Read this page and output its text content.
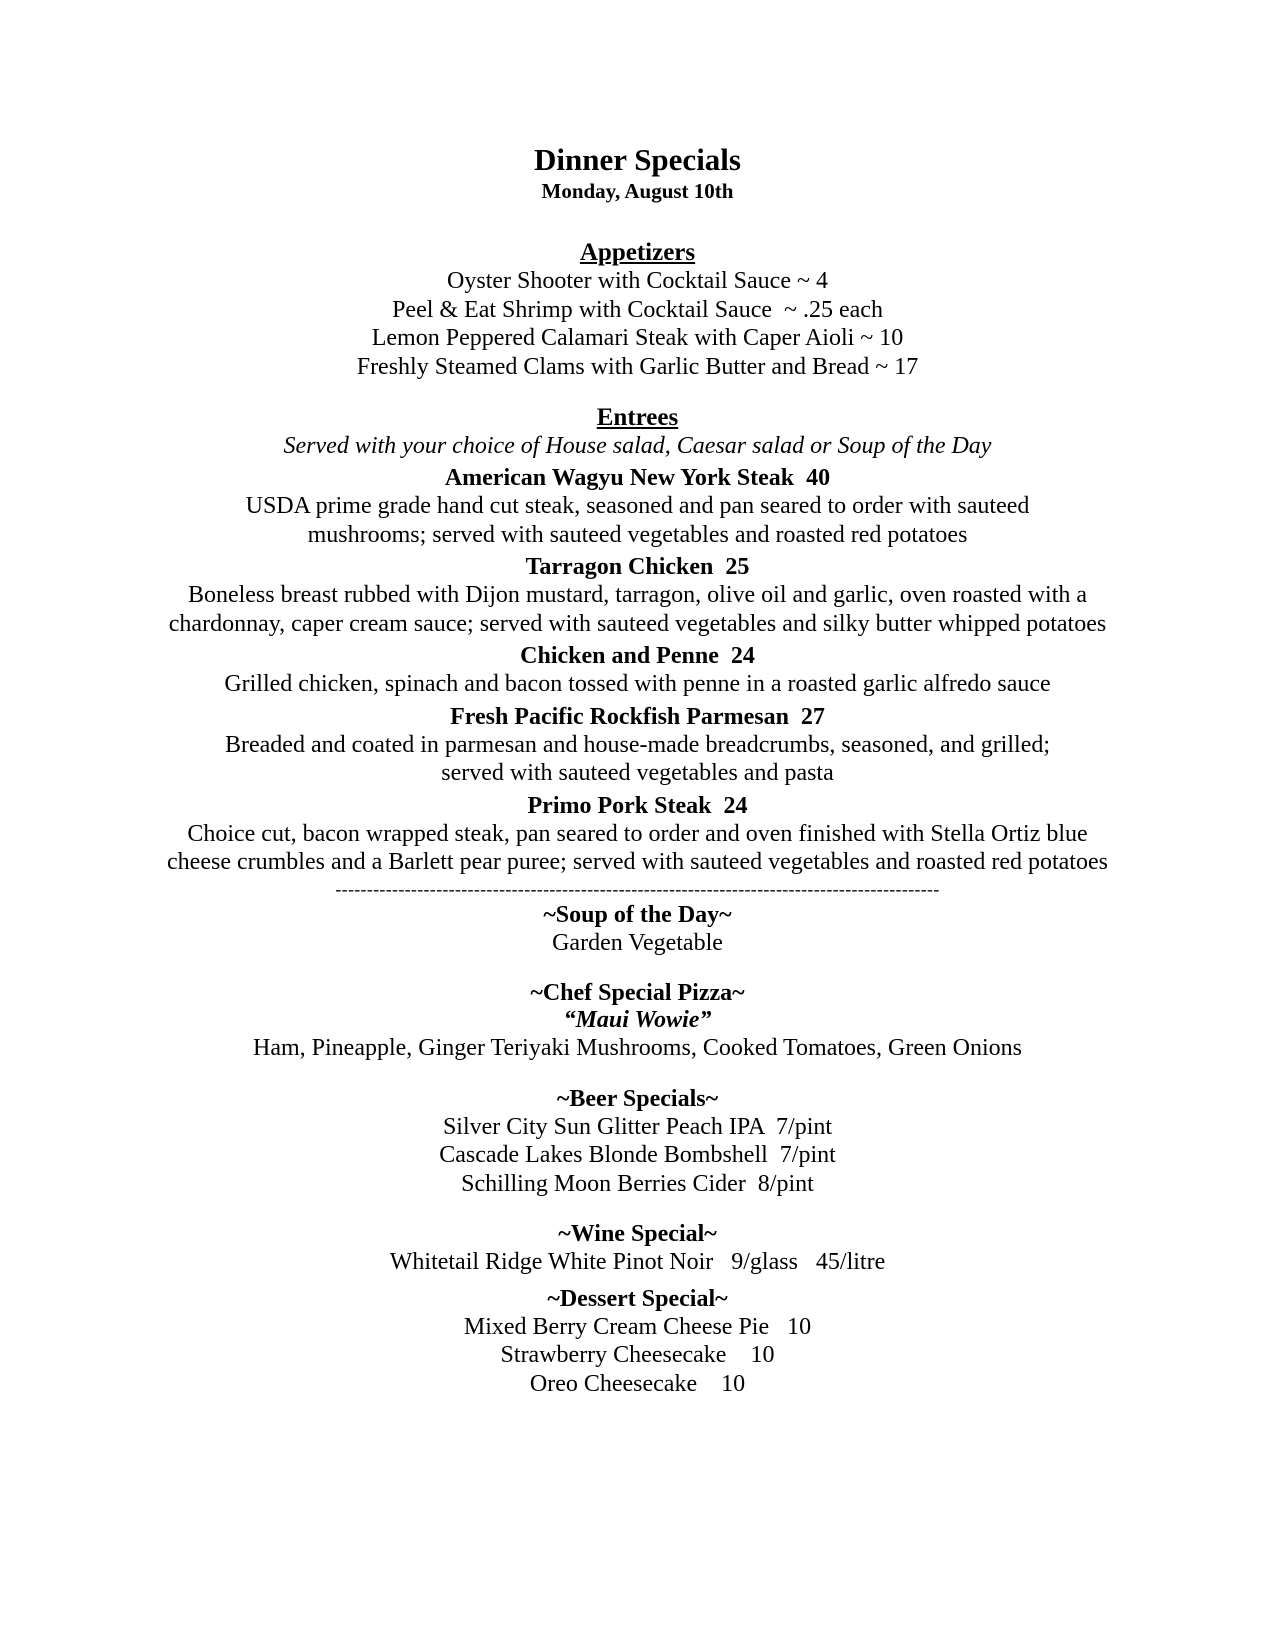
Dinner Specials

Monday, August 10th

Appetizers

Oyster Shooter with Cocktail Sauce ~ 4

Peel & Eat Shrimp with Cocktail Sauce  ~ .25 each

Lemon Peppered Calamari Steak with Caper Aioli ~ 10

Freshly Steamed Clams with Garlic Butter and Bread ~ 17

Entrees

Served with your choice of House salad, Caesar salad or Soup of the Day

American Wagyu New York Steak  40

USDA prime grade hand cut steak, seasoned and pan seared to order with sauteed

mushrooms; served with sauteed vegetables and roasted red potatoes

Tarragon Chicken  25

Boneless breast rubbed with Dijon mustard, tarragon, olive oil and garlic, oven roasted with a

chardonnay, caper cream sauce; served with sauteed vegetables and silky butter whipped potatoes

Chicken and Penne  24

Grilled chicken, spinach and bacon tossed with penne in a roasted garlic alfredo sauce

Fresh Pacific Rockfish Parmesan  27

Breaded and coated in parmesan and house-made breadcrumbs, seasoned, and grilled;

served with sauteed vegetables and pasta

Primo Pork Steak  24

Choice cut, bacon wrapped steak, pan seared to order and oven finished with Stella Ortiz blue

cheese crumbles and a Barlett pear puree; served with sauteed vegetables and roasted red potatoes

------------------------------------------------------------------------------------------------

~Soup of the Day~

Garden Vegetable

~Chef Special Pizza~

“Maui Wowie”

Ham, Pineapple, Ginger Teriyaki Mushrooms, Cooked Tomatoes, Green Onions

~Beer Specials~

Silver City Sun Glitter Peach IPA  7/pint

Cascade Lakes Blonde Bombshell  7/pint

Schilling Moon Berries Cider  8/pint

~Wine Special~

Whitetail Ridge White Pinot Noir   9/glass   45/litre

~Dessert Special~

Mixed Berry Cream Cheese Pie   10

Strawberry Cheesecake    10

Oreo Cheesecake    10
